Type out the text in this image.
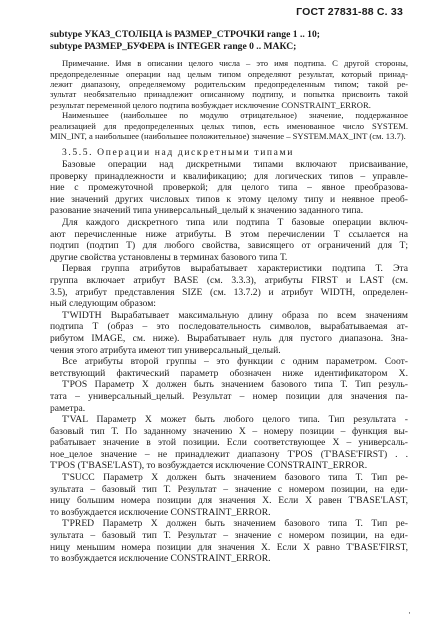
ГОСТ 27831-88 С. 33
subtype УКАЗ_СТОЛБЦА is РАЗМЕР_СТРОЧКИ range 1 .. 10;
subtype РАЗМЕР_БУФЕРА is INTEGER range 0 .. МАКС;
Примечание. Имя в описании целого числа – это имя подтипа. С другой стороны,
предопределенные операции над целым типом определяют результат, который принад-
лежит диапазону, определяемому родительским предопределенным типом; такой ре-
зультат необязательно принадлежит описанному подтипу, и попытка присвоить такой
результат переменной целого подтипа возбуждает исключение CONSTRAINT_ERROR.
Наименьшее (наибольшее по модулю отрицательное) значение, поддержанное
реализацией для предопределенных целых типов, есть именованное число SYSTEM.
MIN_INT, а наибольшее (наибольшее положительное) значение – SYSTEM.MAX_INT (см. 13.7).
3.5.5. Операции над дискретными типами
Базовые операции над дискретными типами включают присваивание,
проверку принадлежности и квалификацию; для логических типов – управле-
ние с промежуточной проверкой; для целого типа – явное преобразова-
ние значений других числовых типов к этому целому типу и неявное преоб-
разование значений типа универсальный_целый к значению заданного типа.
Для каждого дискретного типа или подтипа Т базовые операции включ-
ают перечисленные ниже атрибуты. В этом перечислении Т ссылается на
подтип (подтип Т) для любого свойства, зависящего от ограничений для Т;
другие свойства установлены в терминах базового типа Т.
Первая группа атрибутов вырабатывает характеристики подтипа Т. Эта
группа включает атрибут BASE (см. 3.3.3), атрибуты FIRST и LAST (см.
3.5), атрибут представления SIZE (см. 13.7.2) и атрибут WIDTH, определен-
ный следующим образом:
T'WIDTH Вырабатывает максимальную длину образа по всем значениям
подтипа Т (образ – это последовательность символов, вырабатываемая ат-
рибутом IMAGE, см. ниже). Вырабатывает нуль для пустого диапазона. Зна-
чения этого атрибута имеют тип универсальный_целый.
Все атрибуты второй группы – это функции с одним параметром. Соот-
ветствующий фактический параметр обозначен ниже идентификатором X.
T'POS Параметр X должен быть значением базового типа Т. Тип резуль-
тата – универсальный_целый. Результат – номер позиции для значения па-
раметра.
T'VAL Параметр X может быть любого целого типа. Тип результата -
базовый тип Т. По заданному значению X – номеру позиции – функция вы-
рабатывает значение в этой позиции. Если соответствующее X – универсаль-
ное_целое значение – не принадлежит диапазону T'POS (T'BASE'FIRST) . .
T'POS (T'BASE'LAST), то возбуждается исключение CONSTRAINT_ERROR.
T'SUCC Параметр X должен быть значением базового типа Т. Тип ре-
зультата – базовый тип Т. Результат – значение с номером позиции, на еди-
ницу большим номера позиции для значения X. Если X равен T'BASE'LAST,
то возбуждается исключение CONSTRAINT_ERROR.
T'PRED Параметр X должен быть значением базового типа Т. Тип ре-
зультата – базовый тип Т. Результат – значение с номером позиции, на еди-
ницу меньшим номера позиции для значения X. Если X равно T'BASE'FIRST,
то возбуждается исключение CONSTRAINT_ERROR.
·
